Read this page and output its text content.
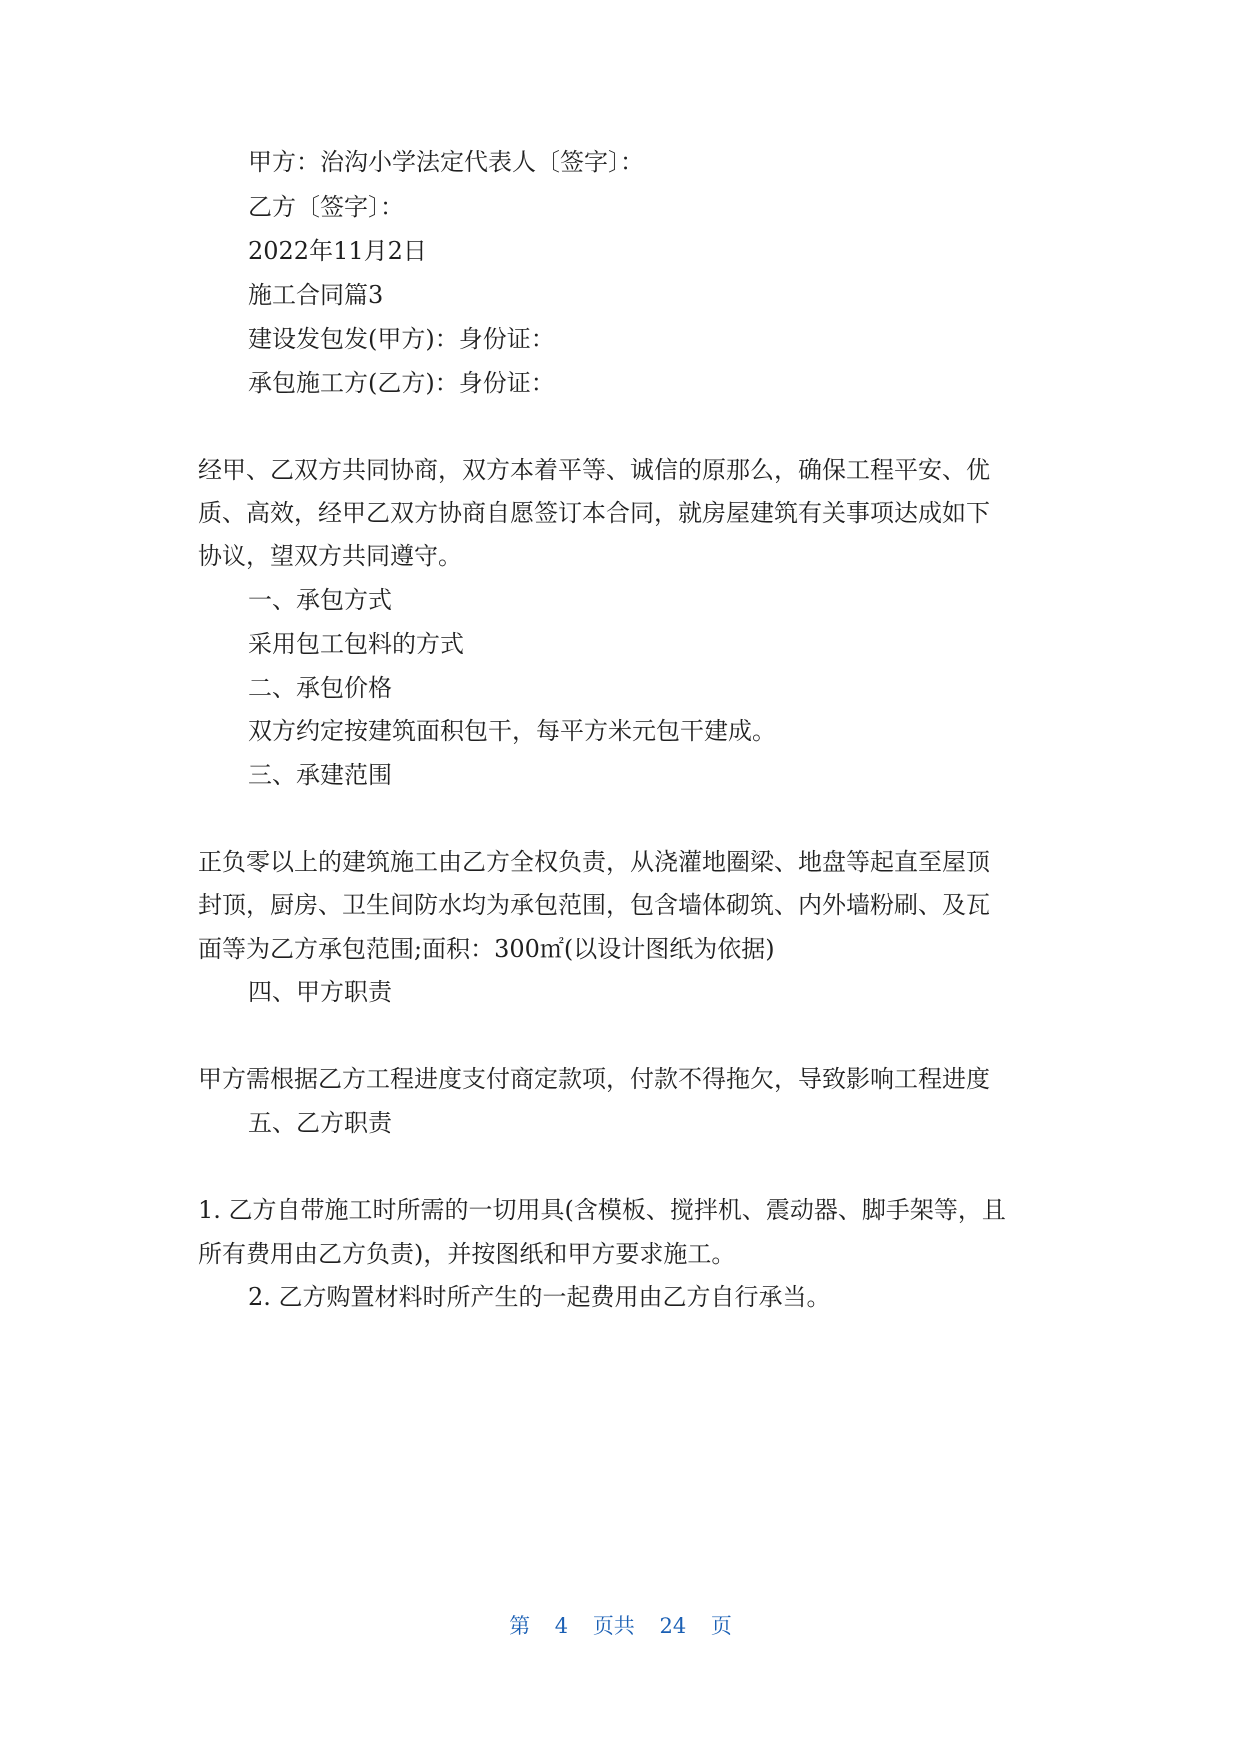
甲方：治沟小学法定代表人〔签字〕：
乙方〔签字〕：
2022年11月2日
施工合同篇3
建设发包发(甲方)：身份证：
承包施工方(乙方)：身份证：
经甲、乙双方共同协商，双方本着平等、诚信的原那么，确保工程平安、优
质、高效，经甲乙双方协商自愿签订本合同，就房屋建筑有关事项达成如下
协议，望双方共同遵守。
一、承包方式
采用包工包料的方式
二、承包价格
双方约定按建筑面积包干，每平方米元包干建成。
三、承建范围
正负零以上的建筑施工由乙方全权负责，从浇灌地圈梁、地盘等起直至屋顶
封顶，厨房、卫生间防水均为承包范围，包含墙体砌筑、内外墙粉刷、及瓦
面等为乙方承包范围;面积：300㎡(以设计图纸为依据)
四、甲方职责
甲方需根据乙方工程进度支付商定款项，付款不得拖欠，导致影响工程进度
五、乙方职责
1. 乙方自带施工时所需的一切用具(含模板、搅拌机、震动器、脚手架等，且
所有费用由乙方负责)，并按图纸和甲方要求施工。
2. 乙方购置材料时所产生的一起费用由乙方自行承当。
第 4 页共 24 页
